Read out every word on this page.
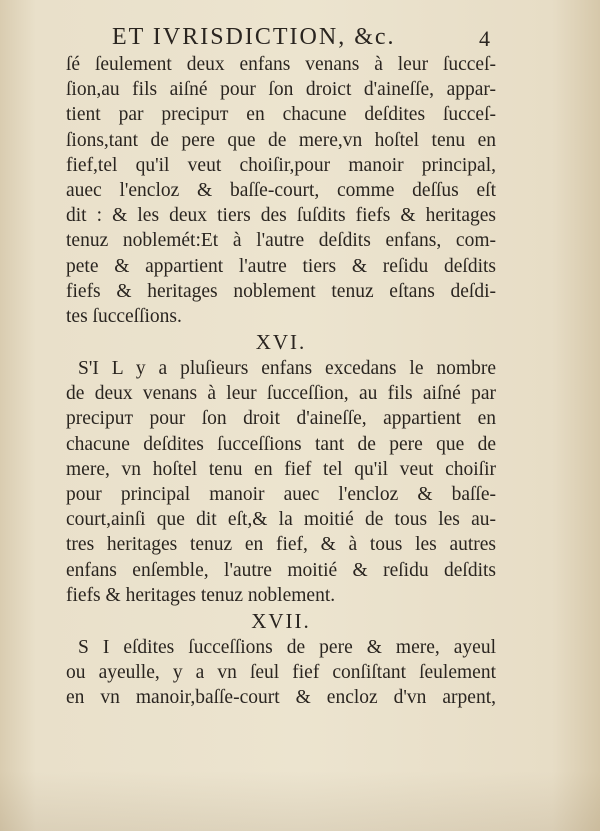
ET IVRISDICTION, &c.	4
ſé ſeulement deux enfans venans à leur ſucceſ-
ſion,au fils aiſné pour ſon droict d'aineſſe, appar-
tient par precipuт en chacune deſdites ſucceſ-
ſions,tant de pere que de mere,vn hoſtel tenu en
fief,tel qu'il veut choiſir,pour manoir principal,
auec l'encloz & baſſe-court, comme deſſus eſt
dit : & les deux tiers des ſuſdits fiefs & heritages
tenuz noblemét:Et à l'autre deſdits enfans, com-
pete & appartient l'autre tiers & reſidu deſdits
fiefs & heritages noblement tenuz eſtans deſdi-
tes ſucceſſions.
XVI.
S'I L y a pluſieurs enfans excedans le nombre
de deux venans à leur ſucceſſion, au fils aiſné par
precipuт pour ſon droit d'aineſſe, appartient en
chacune deſdites ſucceſſions tant de pere que de
mere, vn hoſtel tenu en fief tel qu'il veut choiſir
pour principal manoir auec l'encloz & baſſe-
court,ainſi que dit eſt,& la moitié de tous les au-
tres heritages tenuz en fief, & à tous les autres
enfans enſemble, l'autre moitié & reſidu deſdits
fiefs & heritages tenuz noblement.
XVII.
S I eſdites ſucceſſions de pere & mere, ayeul
ou ayeulle, y a vn ſeul fief conſiſtant ſeulement
en vn manoir,baſſe-court & encloz d'vn arpent,
